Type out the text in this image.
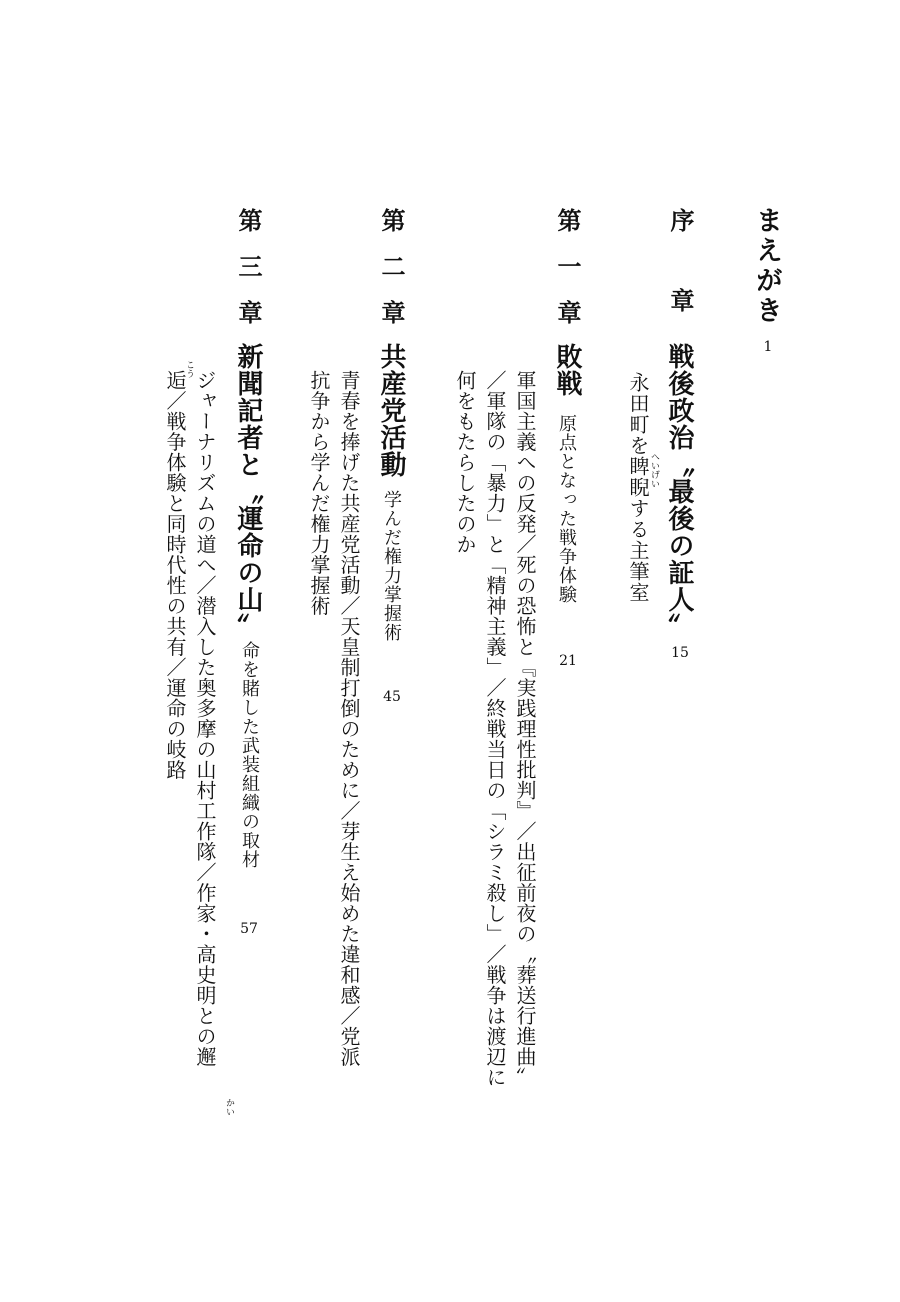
まえがき
1
序章
戦後政治〝最後の証人〟
15
永田町を睥睨する主筆室 へいげい
第一章
敗戦
原点となった戦争体験
21
軍国主義への反発／死の恐怖と『実践理性批判』／出征前夜の〝葬送行進曲〟
／軍隊の「暴力」と「精神主義」／終戦当日の「シラミ殺し」／戦争は渡辺に
何をもたらしたのか
第二章
共産党活動
学んだ権力掌握術
45
青春を捧げた共産党活動／天皇制打倒のために／芽生え始めた違和感／党派
抗争から学んだ権力掌握術
第三章
新聞記者と〝運命の山〟
命を賭した武装組織の取材
57
ジャーナリズムの道へ／潜入した奥多摩の山村工作隊／作家・高史明との邂
逅／戦争体験と同時代性の共有／運命の岐路
かい
こう
